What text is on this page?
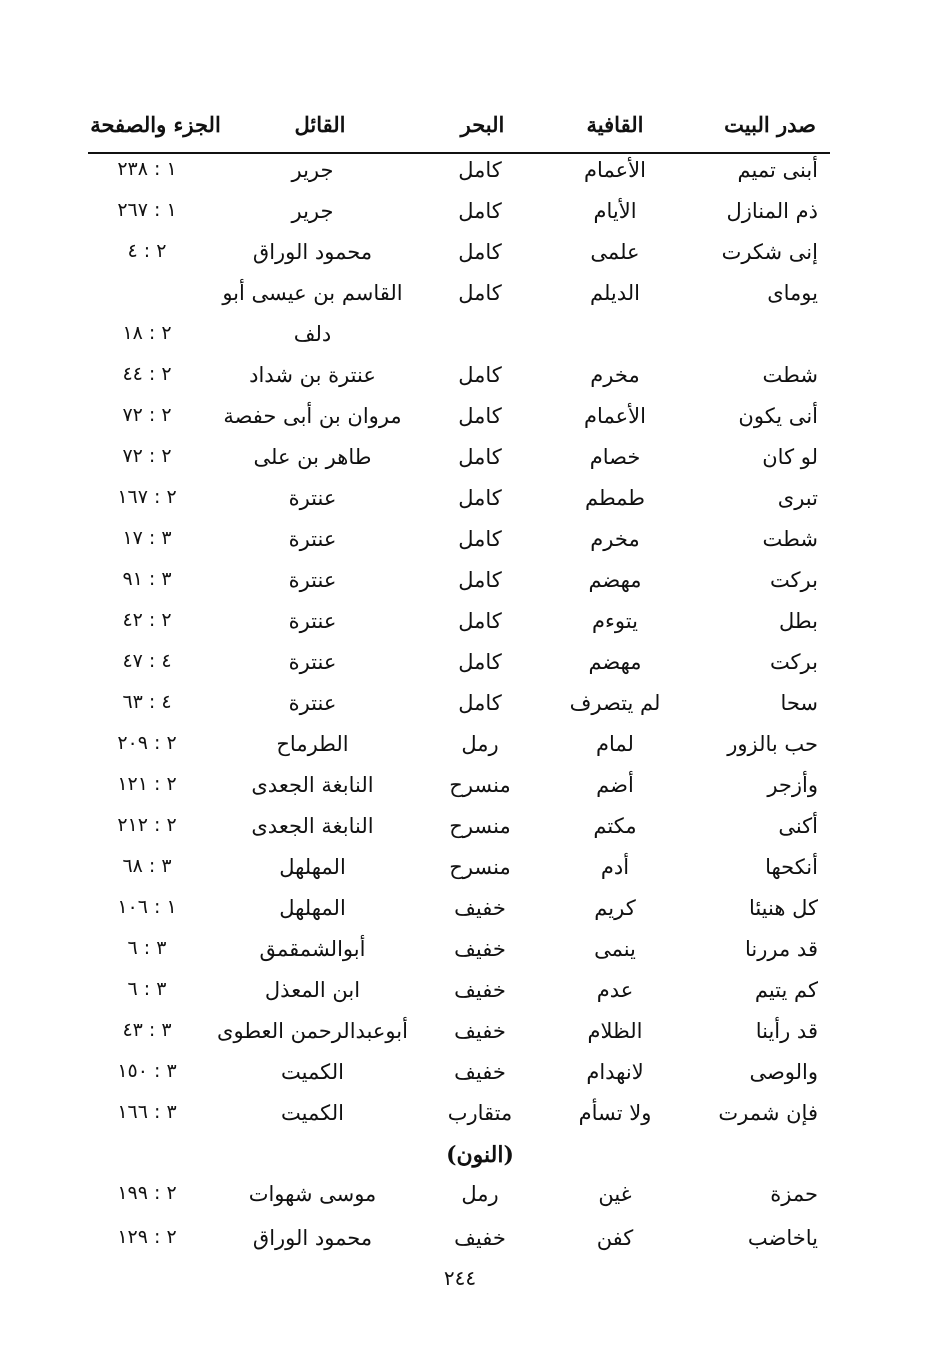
صدر البيت
القافية
البحر
القائل
الجزء والصفحة
أبنى تميم
الأعمام
كامل
جرير
١ : ٢٣٨
ذم المنازل
الأيام
كامل
جرير
١ : ٢٦٧
إنى شكرت
علمى
كامل
محمود الوراق
٢ : ٤
يوماى
الديلم
كامل
القاسم بن عيسى أبو
دلف
٢ : ١٨
شطت
مخرم
كامل
عنترة بن شداد
٢ : ٤٤
أنى يكون
الأعمام
كامل
مروان بن أبى حفصة
٢ : ٧٢
لو كان
خصام
كامل
طاهر بن على
٢ : ٧٢
تبرى
طمطم
كامل
عنترة
٢ : ١٦٧
شطت
مخرم
كامل
عنترة
٣ : ١٧
بركت
مهضم
كامل
عنترة
٣ : ٩١
بطل
يتوءم
كامل
عنترة
٢ : ٤٢
بركت
مهضم
كامل
عنترة
٤ : ٤٧
سحا
لم يتصرف
كامل
عنترة
٤ : ٦٣
حب بالزور
لمام
رمل
الطرماح
٢ : ٢٠٩
وأزجر
أضم
منسرح
النابغة الجعدى
٢ : ١٢١
أكنى
مكتم
منسرح
النابغة الجعدى
٢ : ٢١٢
أنكحها
أدم
منسرح
المهلهل
٣ : ٦٨
كل هنيئا
كريم
خفيف
المهلهل
١ : ١٠٦
قد مررنا
ينمى
خفيف
أبوالشمقمق
٣ : ٦
كم يتيم
عدم
خفيف
ابن المعذل
٣ : ٦
قد رأينا
الظلام
خفيف
أبوعبدالرحمن العطوى
٣ : ٤٣
والوصى
لانهدام
خفيف
الكميت
٣ : ١٥٠
فإن شمرت
ولا تسأم
متقارب
الكميت
٣ : ١٦٦
(النون)
حمزة
غين
رمل
موسى شهوات
٢ : ١٩٩
ياخاضب
كفن
خفيف
محمود الوراق
٢ : ١٢٩
٢٤٤
